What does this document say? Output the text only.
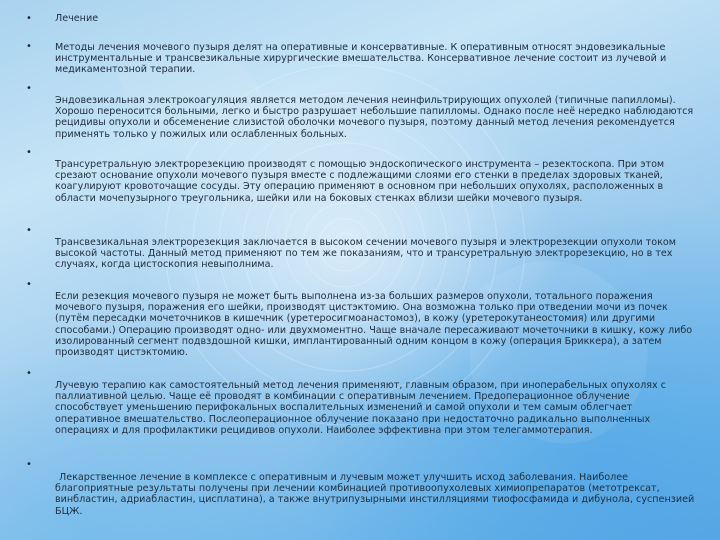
• Лечение
• Методы лечения мочевого пузыря делят на оперативные и консервативные. К оперативным относят эндовезикальные инструментальные и трансвезикальные хирургические вмешательства. Консервативное лечение состоит из лучевой и медикаментозной терапии.

•

Эндовезикальная электрокоагуляция является методом лечения неинфильтрирующих опухолей (типичные папилломы). Хорошо переносится больными, легко и быстро разрушает небольшие папилломы. Однако после неё нередко наблюдаются рецидивы опухоли и обсеменение слизистой оболочки мочевого пузыря, поэтому данный метод лечения рекомендуется применять только у пожилых или ослабленных больных.

•

Трансуретральную электрорезекцию производят с помощью эндоскопического инструмента – резектоскопа. При этом срезают основание опухоли мочевого пузыря вместе с подлежащими слоями его стенки в пределах здоровых тканей, коагулируют кровоточащие сосуды. Эту операцию применяют в основном при небольших опухолях, расположенных в области мочепузырного треугольника, шейки или на боковых стенках вблизи шейки мочевого пузыря.

•

Трансвезикальная электрорезекция заключается в высоком сечении мочевого пузыря и электрорезекции опухоли током высокой частоты. Данный метод применяют по тем же показаниям, что и трансуретральную электрорезекцию, но в тех случаях, когда цистоскопия невыполнима.

•

Если резекция мочевого пузыря не может быть выполнена из-за больших размеров опухоли, тотального поражения мочевого пузыря, поражения его шейки, производят цистэктомию. Она возможна только при отведении мочи из почек (путём пересадки мочеточников в кишечник (уретеросигмоанастомоз), в кожу (уретерокутанеостомия) или другими способами.) Операцию производят одно- или двухмоментно. Чаще вначале пересаживают мочеточники в кишку, кожу либо изолированный сегмент подвздошной кишки, имплантированный одним концом в кожу (операция Бриккера), а затем производят цистэктомию.

•

Лучевую терапию как самостоятельный метод лечения применяют, главным образом, при иноперабельных опухолях с паллиативной целью. Чаще её проводят в комбинации с оперативным лечением. Предоперационное облучение способствует уменьшению перифокальных воспалительных изменений и самой опухоли и тем самым облегчает оперативное вмешательство. Послеоперационное облучение показано при недостаточно радикально выполненных операциях и для профилактики рецидивов опухоли. Наиболее эффективна при этом телегаммотерапия.

•

Лекарственное лечение в комплексе с оперативным и лучевым может улучшить исход заболевания. Наиболее благоприятные результаты получены при лечении комбинацией противоопухолевых химиопрепаратов (метотрексат, винбластин, адриабластин, цисплатина), а также внутрипузырными инстилляциями тиофосфамида и дибунола, суспензией БЦЖ.
